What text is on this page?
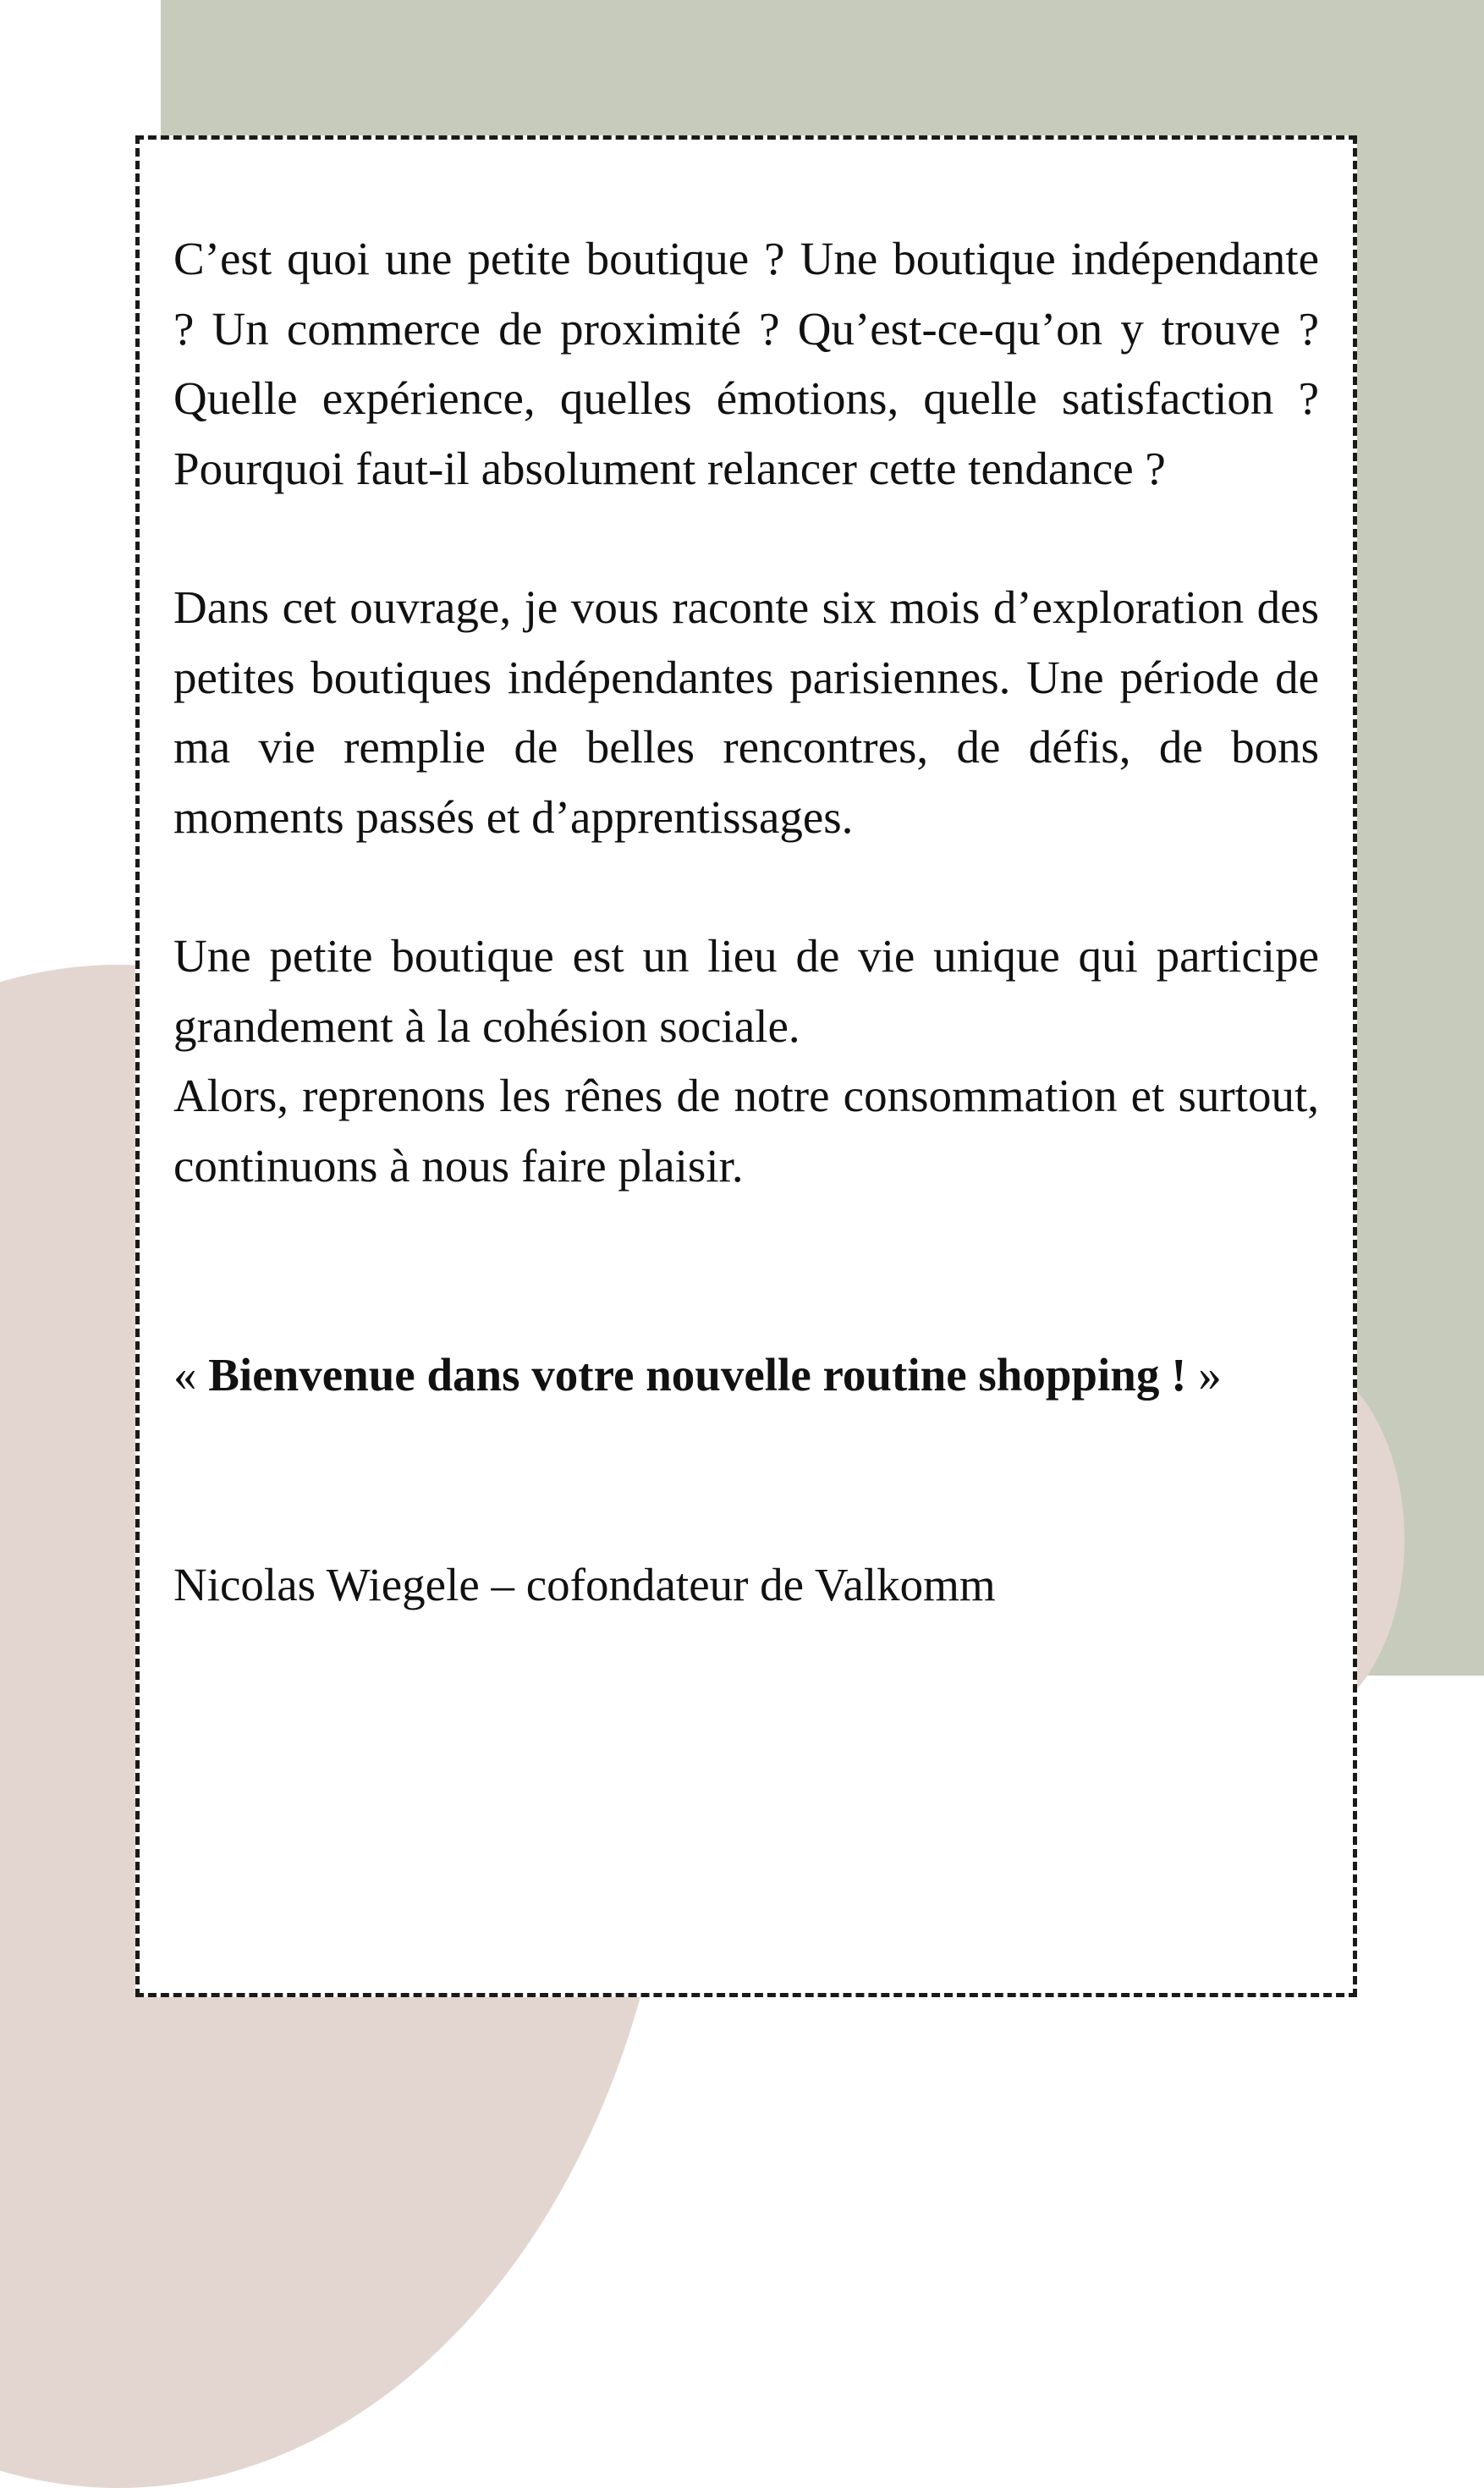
C’est quoi une petite boutique ? Une boutique indépendante ? Un commerce de proximité ? Qu’est-ce-qu’on y trouve ? Quelle expérience, quelles émotions, quelle satisfaction ? Pourquoi faut-il absolument relancer cette tendance ?

Dans cet ouvrage, je vous raconte six mois d’exploration des petites boutiques indépendantes parisiennes. Une période de ma vie remplie de belles rencontres, de défis, de bons moments passés et d’apprentissages.

Une petite boutique est un lieu de vie unique qui participe grandement à la cohésion sociale.

Alors, reprenons les rênes de notre consommation et surtout, continuons à nous faire plaisir.

« Bienvenue dans votre nouvelle routine shopping ! »

Nicolas Wiegele – cofondateur de Valkomm
